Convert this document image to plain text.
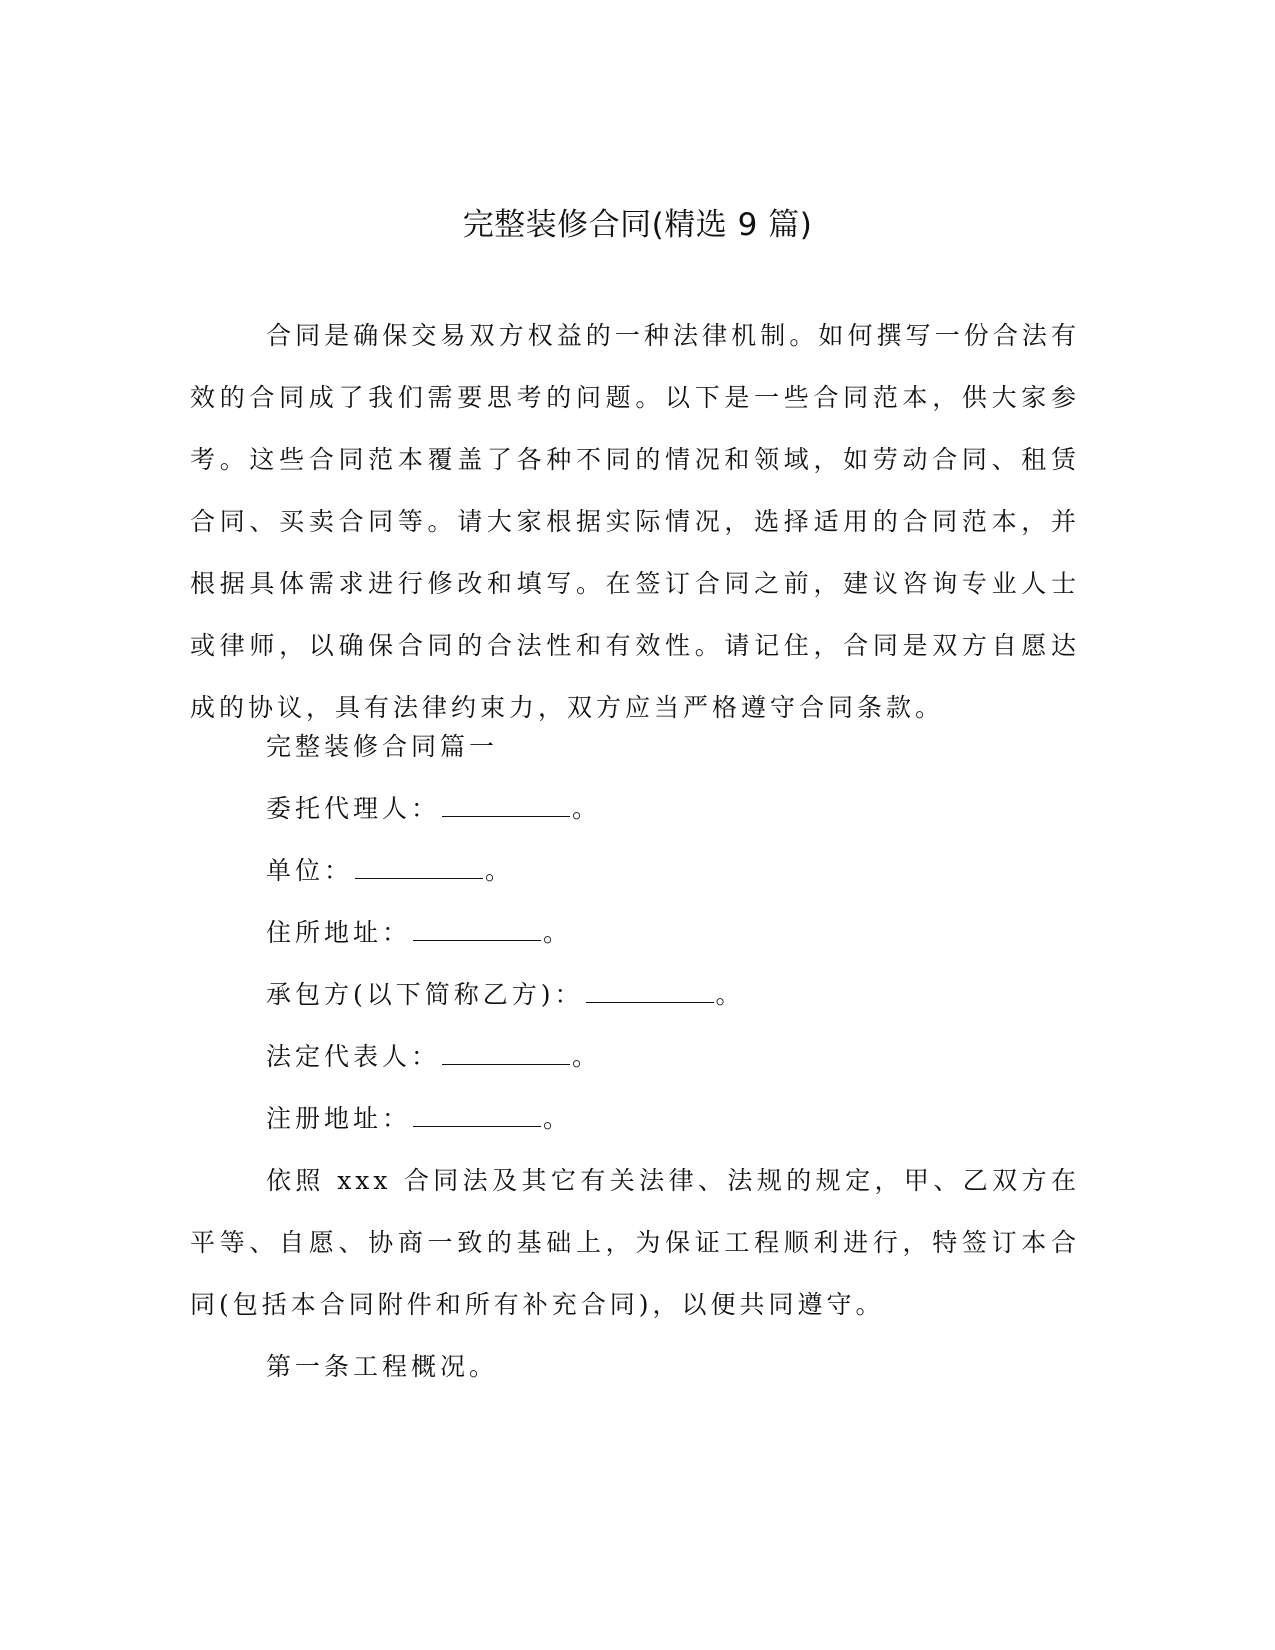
完整装修合同(精选 9 篇)

合同是确保交易双方权益的一种法律机制。如何撰写一份合法有效的合同成了我们需要思考的问题。以下是一些合同范本，供大家参考。这些合同范本覆盖了各种不同的情况和领域，如劳动合同、租赁合同、买卖合同等。请大家根据实际情况，选择适用的合同范本，并根据具体需求进行修改和填写。在签订合同之前，建议咨询专业人士或律师，以确保合同的合法性和有效性。请记住，合同是双方自愿达成的协议，具有法律约束力，双方应当严格遵守合同条款。

完整装修合同篇一

委托代理人：	。

单位：	。

住所地址：	。

承包方(以下简称乙方)：	。

法定代表人：	。

注册地址：	。

依照 xxx 合同法及其它有关法律、法规的规定，甲、乙双方在平等、自愿、协商一致的基础上，为保证工程顺利进行，特签订本合同(包括本合同附件和所有补充合同)，以便共同遵守。

第一条工程概况。
